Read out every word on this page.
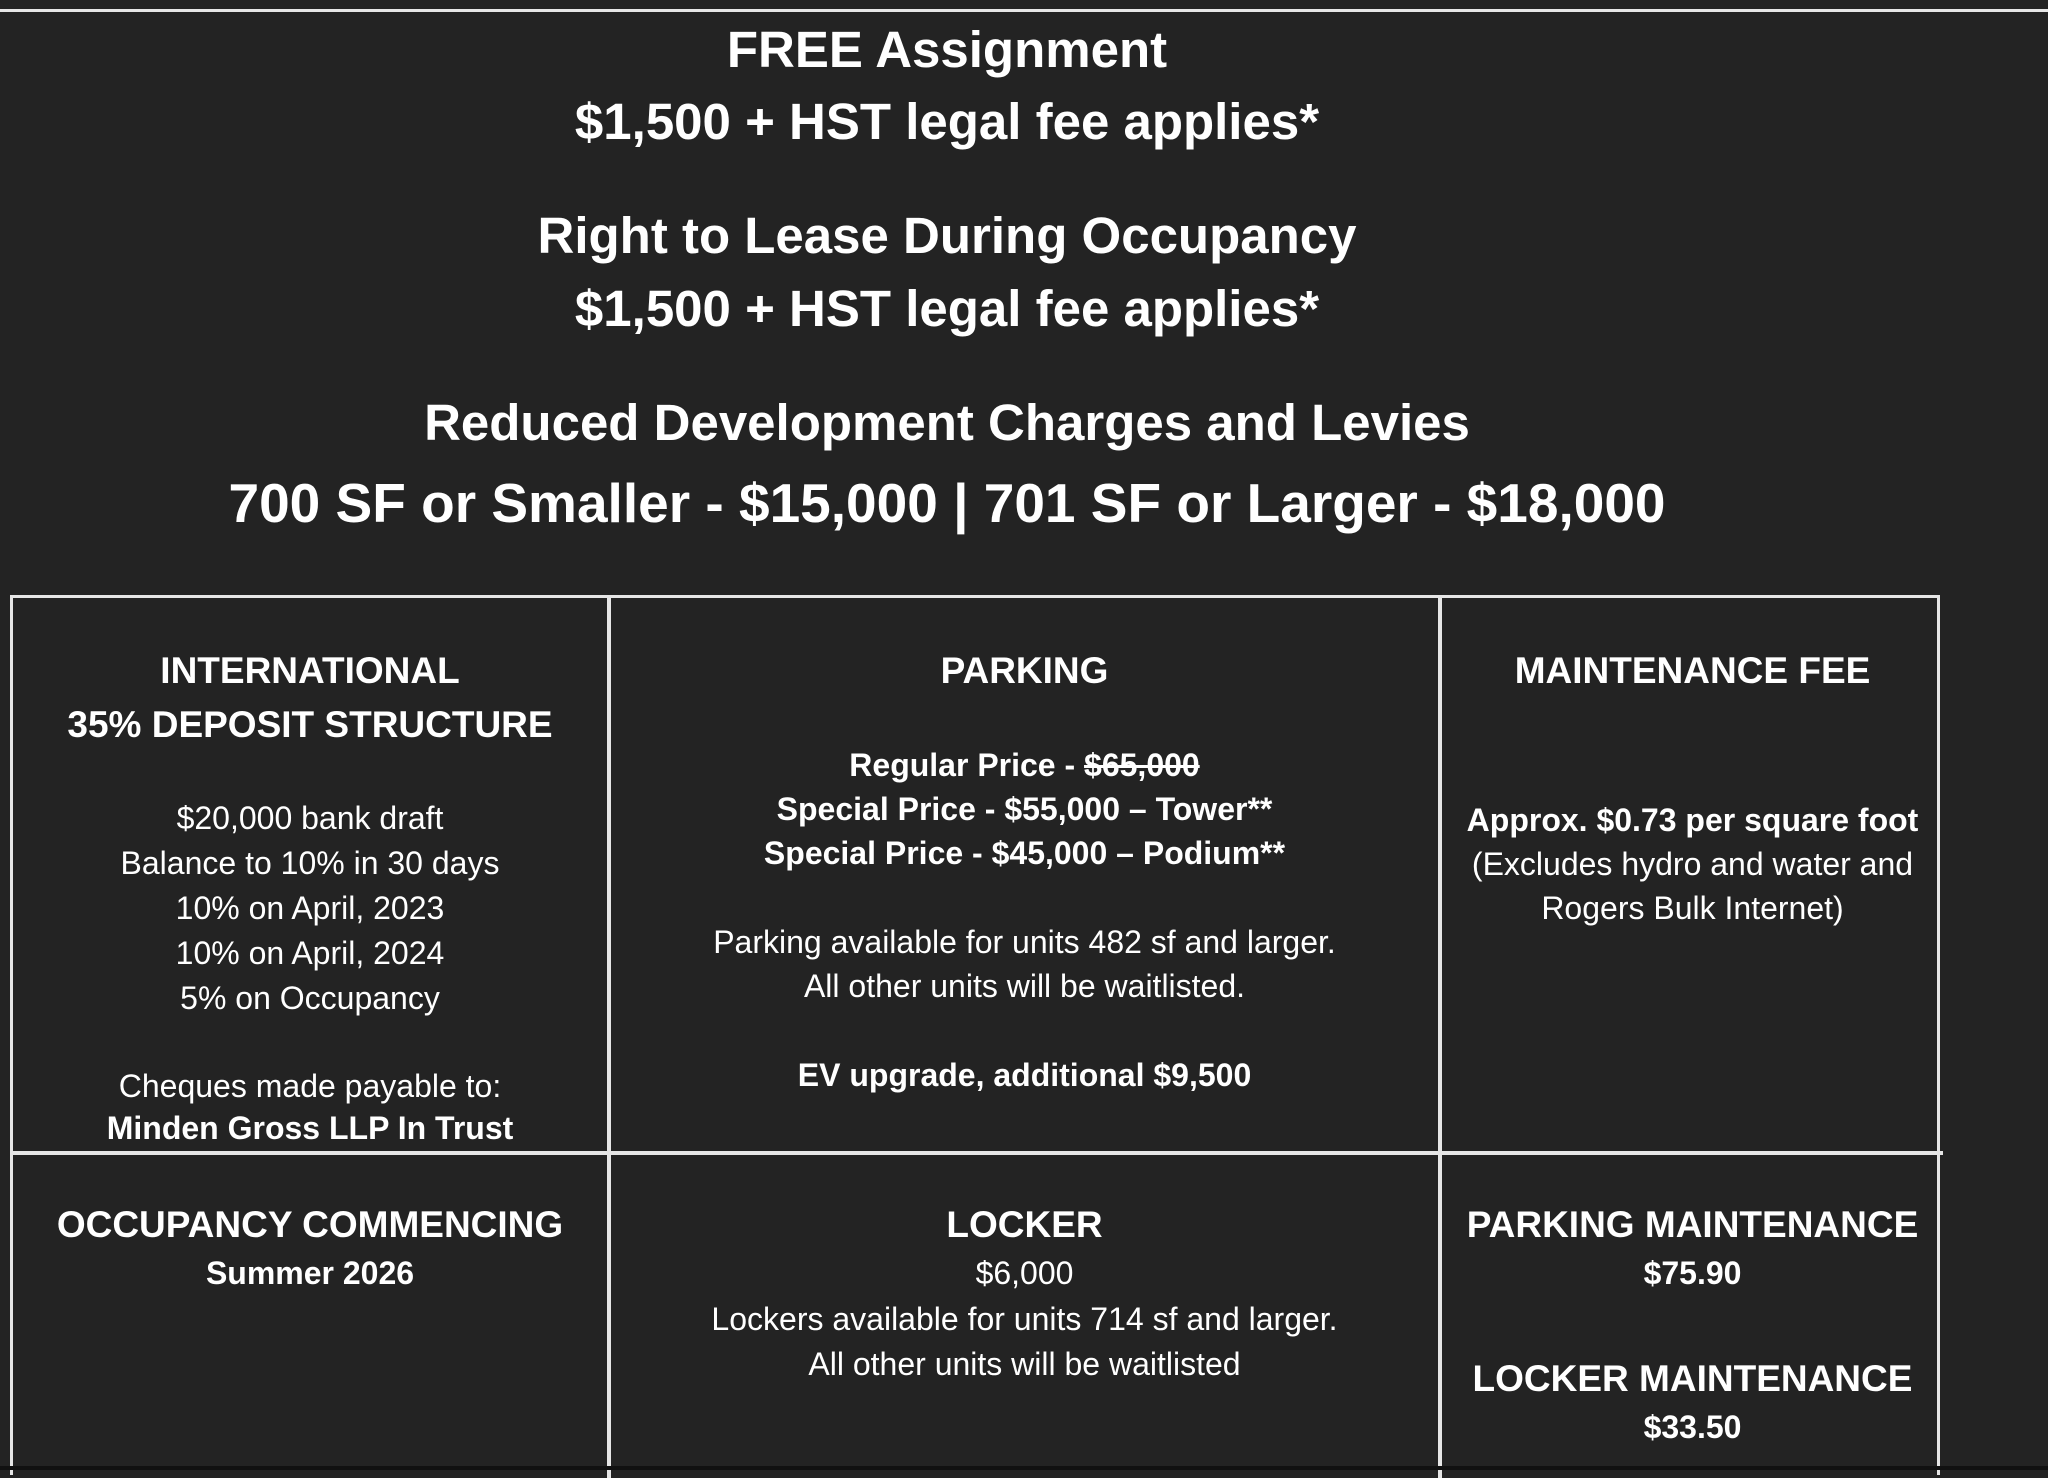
FREE Assignment
$1,500 + HST legal fee applies*
Right to Lease During Occupancy
$1,500 + HST legal fee applies*
Reduced Development Charges and Levies
700 SF or Smaller - $15,000 | 701 SF or Larger - $18,000
INTERNATIONAL
35% DEPOSIT STRUCTURE
$20,000 bank draft
Balance to 10% in 30 days
10% on April, 2023
10% on April, 2024
5% on Occupancy
Cheques made payable to:
Minden Gross LLP In Trust
PARKING
Regular Price - $65,000
Special Price - $55,000 – Tower**
Special Price - $45,000 – Podium**
Parking available for units 482 sf and larger.
All other units will be waitlisted.
EV upgrade, additional $9,500
MAINTENANCE FEE
Approx. $0.73 per square foot
(Excludes hydro and water and
Rogers Bulk Internet)
OCCUPANCY COMMENCING
Summer 2026
LOCKER
$6,000
Lockers available for units 714 sf and larger.
All other units will be waitlisted
PARKING MAINTENANCE
$75.90
LOCKER MAINTENANCE
$33.50
